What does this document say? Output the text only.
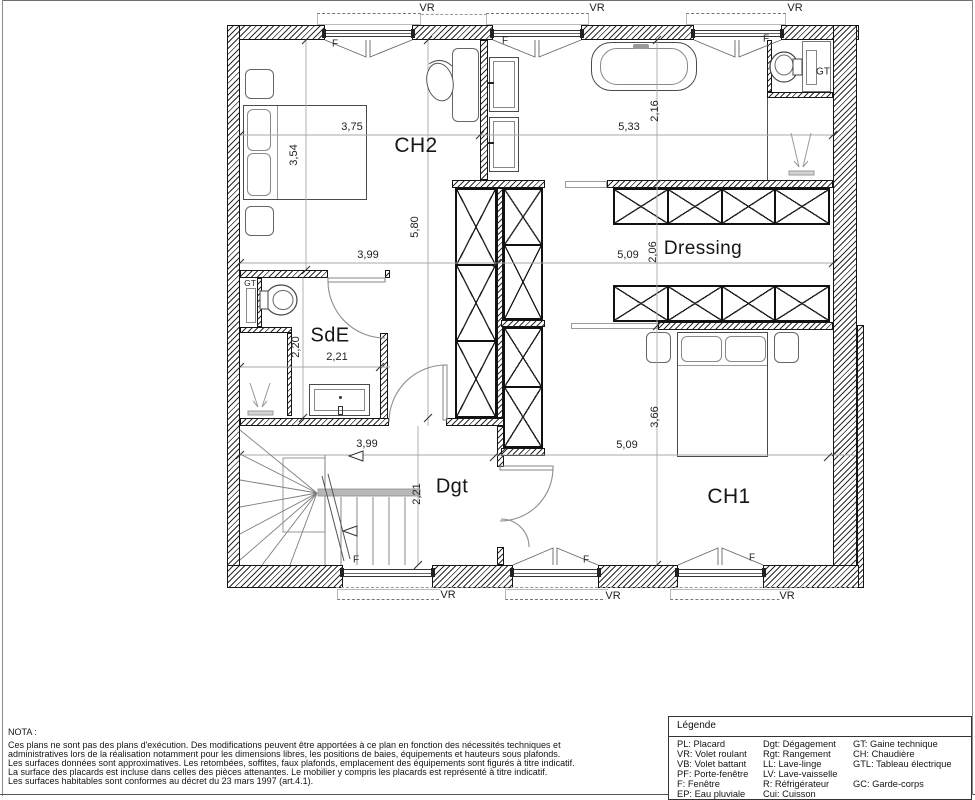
CH2
Dressing
SdE
Dgt	CH1
3,75
3,54
5,33
2,16
5,80
3,99	5,09 2,06
2,20 2,21
3,99	5,09
2,21
3,66
VR	VR	VR
VR	VR	VR
F	F	F
F	F	F
GT
GT
NOTA :
Ces plans ne sont pas des plans d'exécution. Des modifications peuvent être apportées à ce plan en fonction des nécessités techniques et
administratives lors de la réalisation notamment pour les dimensions libres, les positions de baies, équipements et hauteurs sous plafonds.
Les surfaces données sont approximatives. Les retombées, soffites, faux plafonds, emplacement des équipements sont figurés à titre indicatif.
La surface des placards est incluse dans celles des pièces attenantes. Le mobilier y compris les placards est représenté à titre indicatif.
Les surfaces habitables sont conformes au décret du 23 mars 1997 (art.4.1).
Légende
PL: Placard
VR: Volet roulant
VB: Volet battant
PF: Porte-fenêtre
F: Fenêtre
EP: Eau pluviale
Dgt: Dégagement
Rgt: Rangement
LL: Lave-linge
LV: Lave-vaisselle
R: Réfrigérateur
Cui: Cuisson
GT: Gaine technique
CH: Chaudière
GTL: Tableau électrique
GC: Garde-corps
